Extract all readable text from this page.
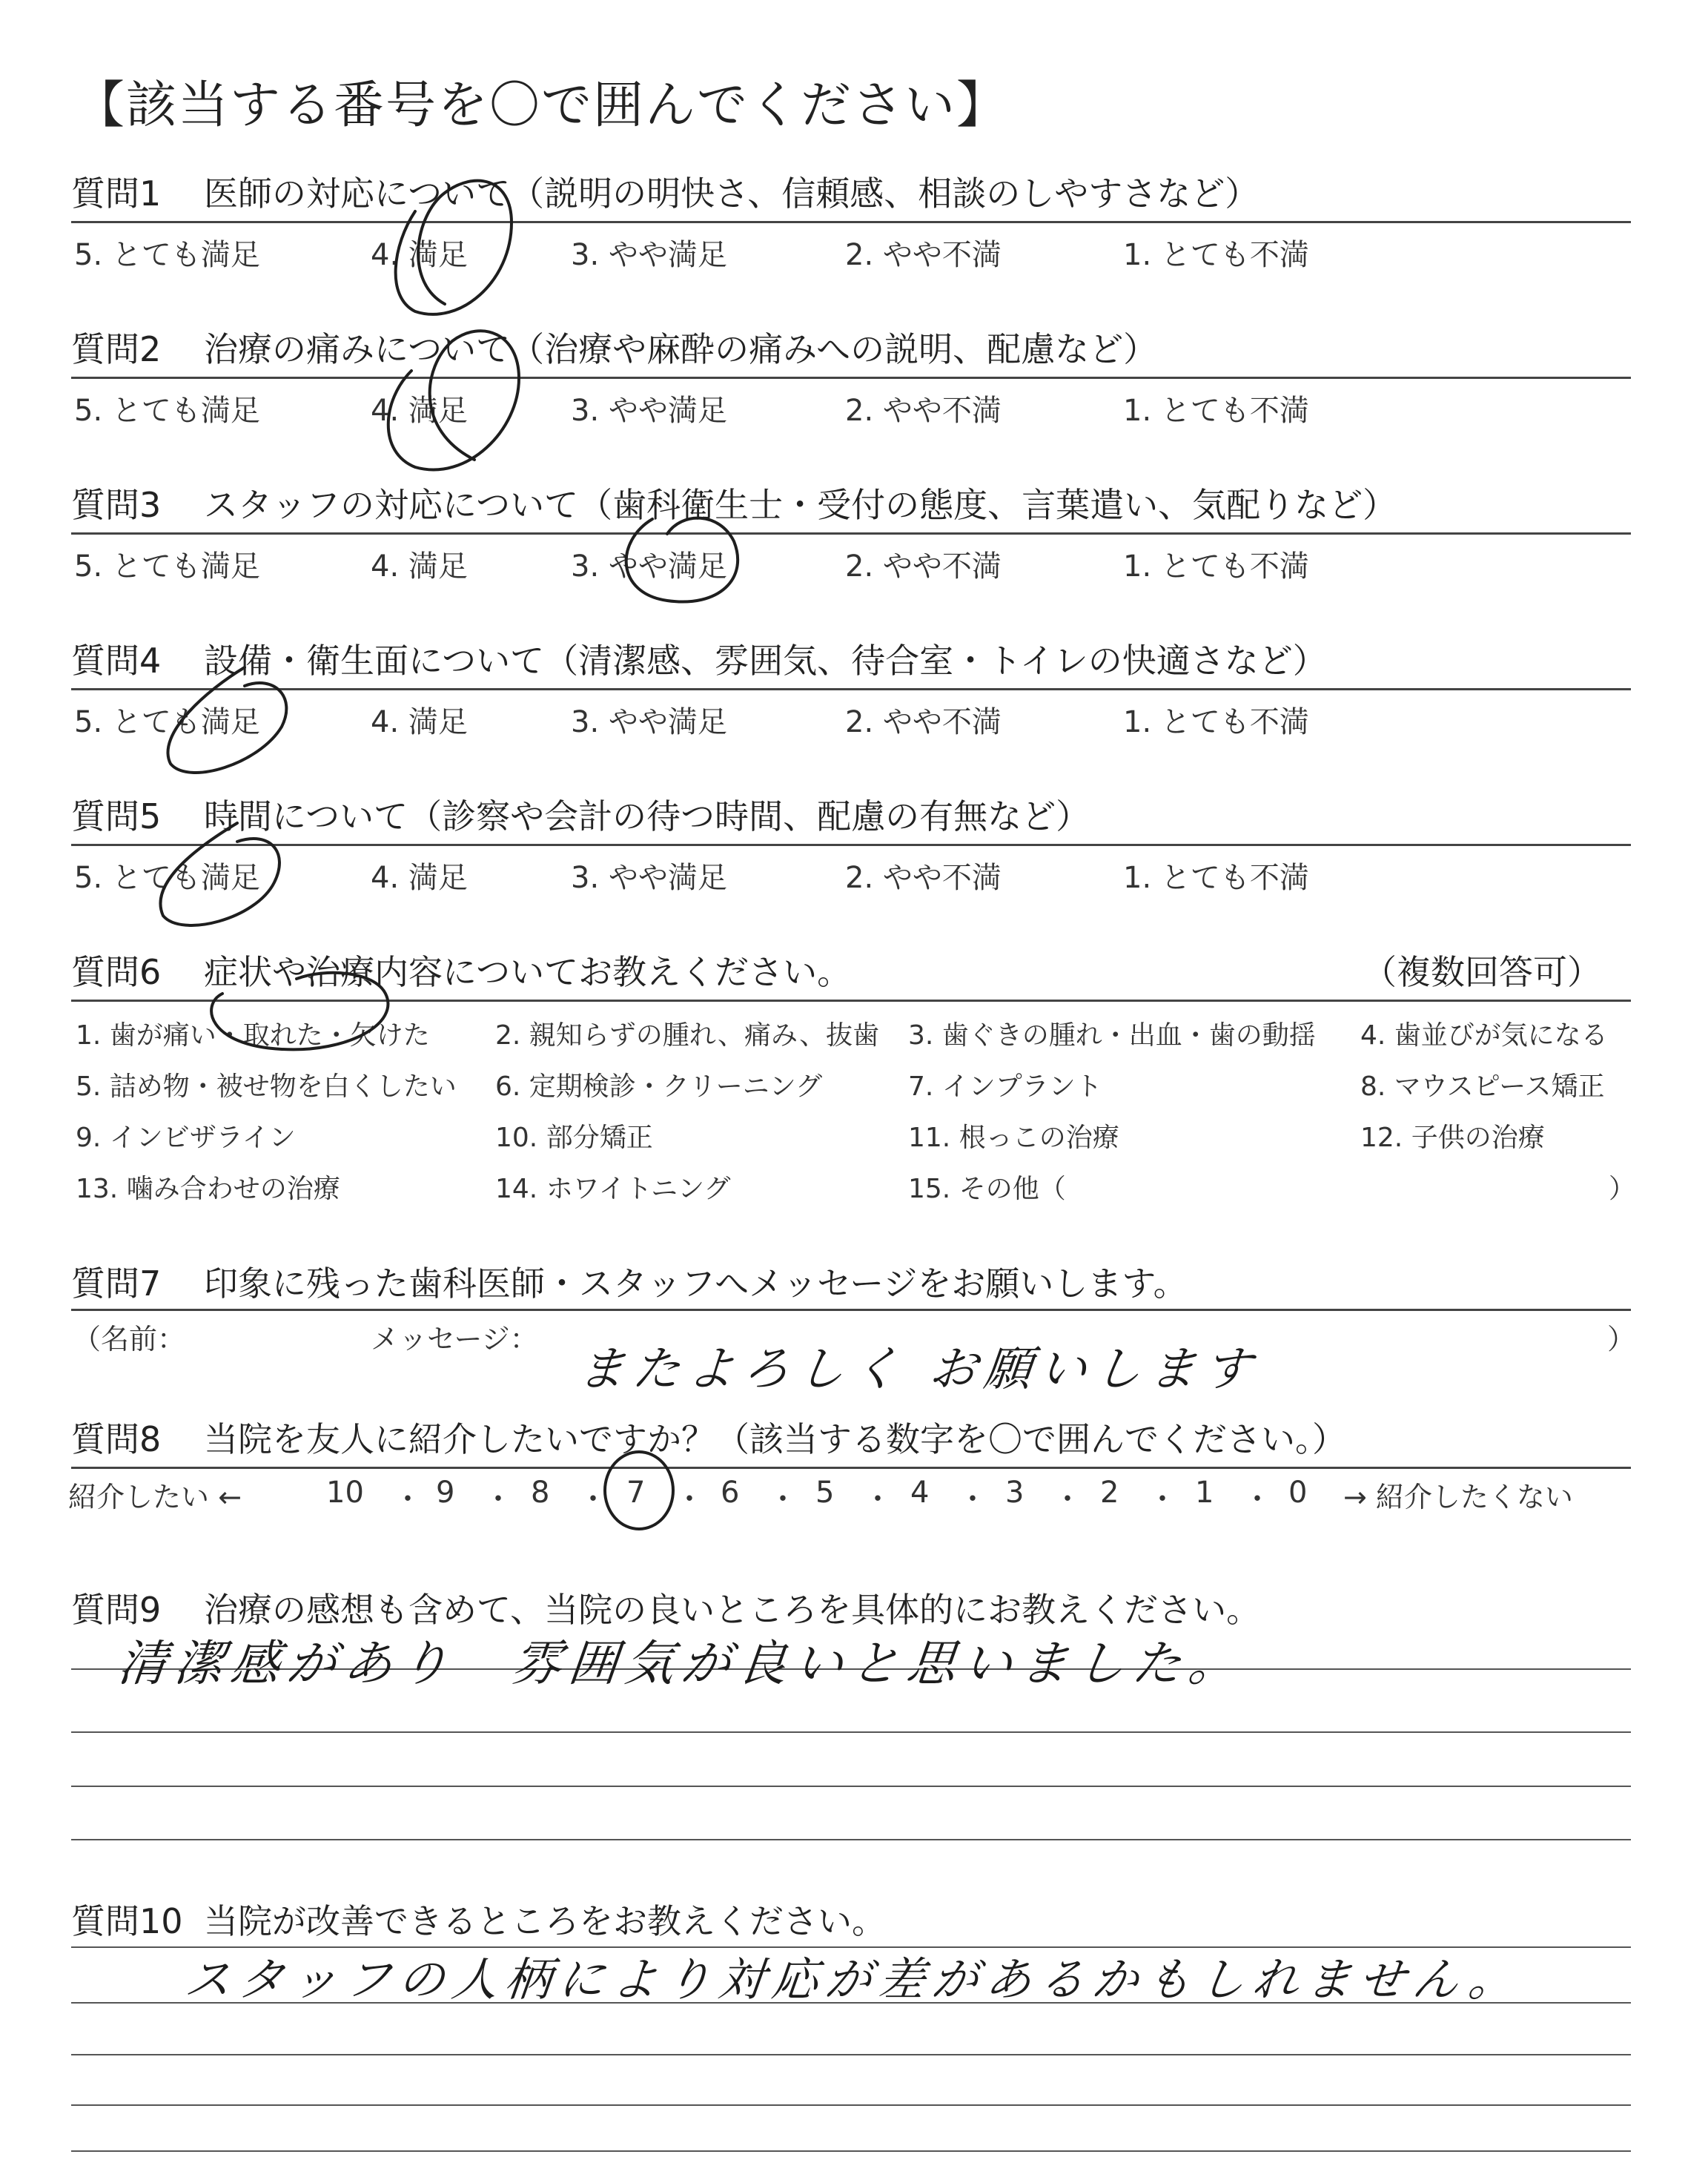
【該当する番号を〇で囲んでください】
質問1 医師の対応について（説明の明快さ、信頼感、相談のしやすさなど）
5. とても満足	4. 満足	3. やや満足	2. やや不満	1. とても不満
質問2 治療の痛みについて（治療や麻酔の痛みへの説明、配慮など）
5. とても満足	4. 満足	3. やや満足	2. やや不満	1. とても不満
質問3 スタッフの対応について（歯科衛生士・受付の態度、言葉遣い、気配りなど）
5. とても満足	4. 満足	3. やや満足	2. やや不満	1. とても不満
質問4 設備・衛生面について（清潔感、雰囲気、待合室・トイレの快適さなど）
5. とても満足	4. 満足	3. やや満足	2. やや不満	1. とても不満
質問5 時間について（診察や会計の待つ時間、配慮の有無など）
5. とても満足	4. 満足	3. やや満足	2. やや不満	1. とても不満
質問6 症状や治療内容についてお教えください。	（複数回答可）
1. 歯が痛い・取れた・欠けた 2. 親知らずの腫れ、痛み、抜歯 3. 歯ぐきの腫れ・出血・歯の動揺 4. 歯並びが気になる
5. 詰め物・被せ物を白くしたい 6. 定期検診・クリーニング	7. インプラント	8. マウスピース矯正
9. インビザライン	10. 部分矯正	11. 根っこの治療	12. 子供の治療
13. 噛み合わせの治療	14. ホワイトニング	15. その他（	）
質問7 印象に残った歯科医師・スタッフへメッセージをお願いします。
（名前：	メッセージ：	）
またよろしく お願いします
質問8 当院を友人に紹介したいですか？（該当する数字を〇で囲んでください。）
紹介したい ←	→ 紹介したくない
10 ・ 9 ・ 8 ・ 7 ・ 6 ・ 5 ・ 4 ・ 3 ・ 2 ・ 1 ・ 0
質問9 治療の感想も含めて、当院の良いところを具体的にお教えください。
清潔感があり　雰囲気が良いと思いました。
質問10 当院が改善できるところをお教えください。
スタッフの人柄により対応が差があるかもしれません。
